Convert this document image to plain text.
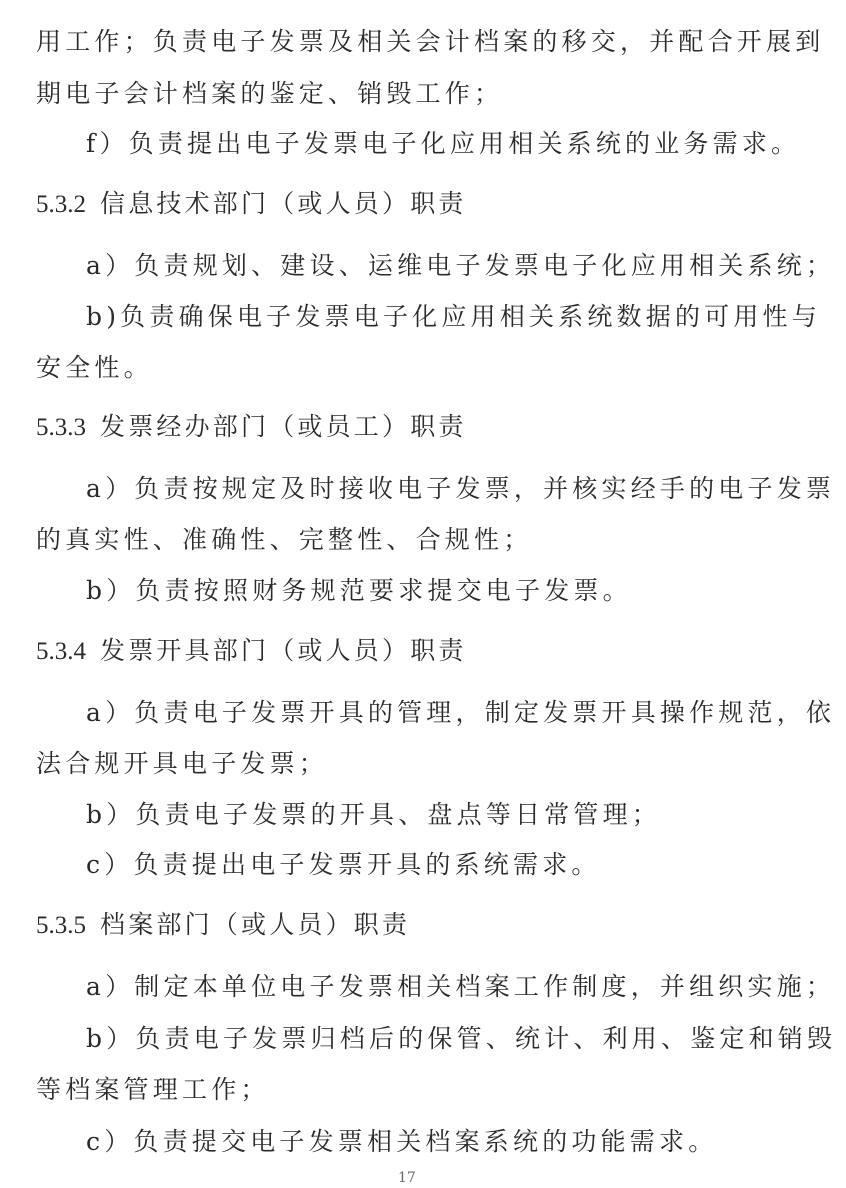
用工作；负责电子发票及相关会计档案的移交，并配合开展到
期电子会计档案的鉴定、销毁工作；
f）负责提出电子发票电子化应用相关系统的业务需求。
5.3.2 信息技术部门（或人员）职责
a）负责规划、建设、运维电子发票电子化应用相关系统；
b)负责确保电子发票电子化应用相关系统数据的可用性与
安全性。
5.3.3 发票经办部门（或员工）职责
a）负责按规定及时接收电子发票，并核实经手的电子发票
的真实性、准确性、完整性、合规性；
b）负责按照财务规范要求提交电子发票。
5.3.4 发票开具部门（或人员）职责
a）负责电子发票开具的管理，制定发票开具操作规范，依
法合规开具电子发票；
b）负责电子发票的开具、盘点等日常管理；
c）负责提出电子发票开具的系统需求。
5.3.5 档案部门（或人员）职责
a）制定本单位电子发票相关档案工作制度，并组织实施；
b）负责电子发票归档后的保管、统计、利用、鉴定和销毁
等档案管理工作；
c）负责提交电子发票相关档案系统的功能需求。
17
